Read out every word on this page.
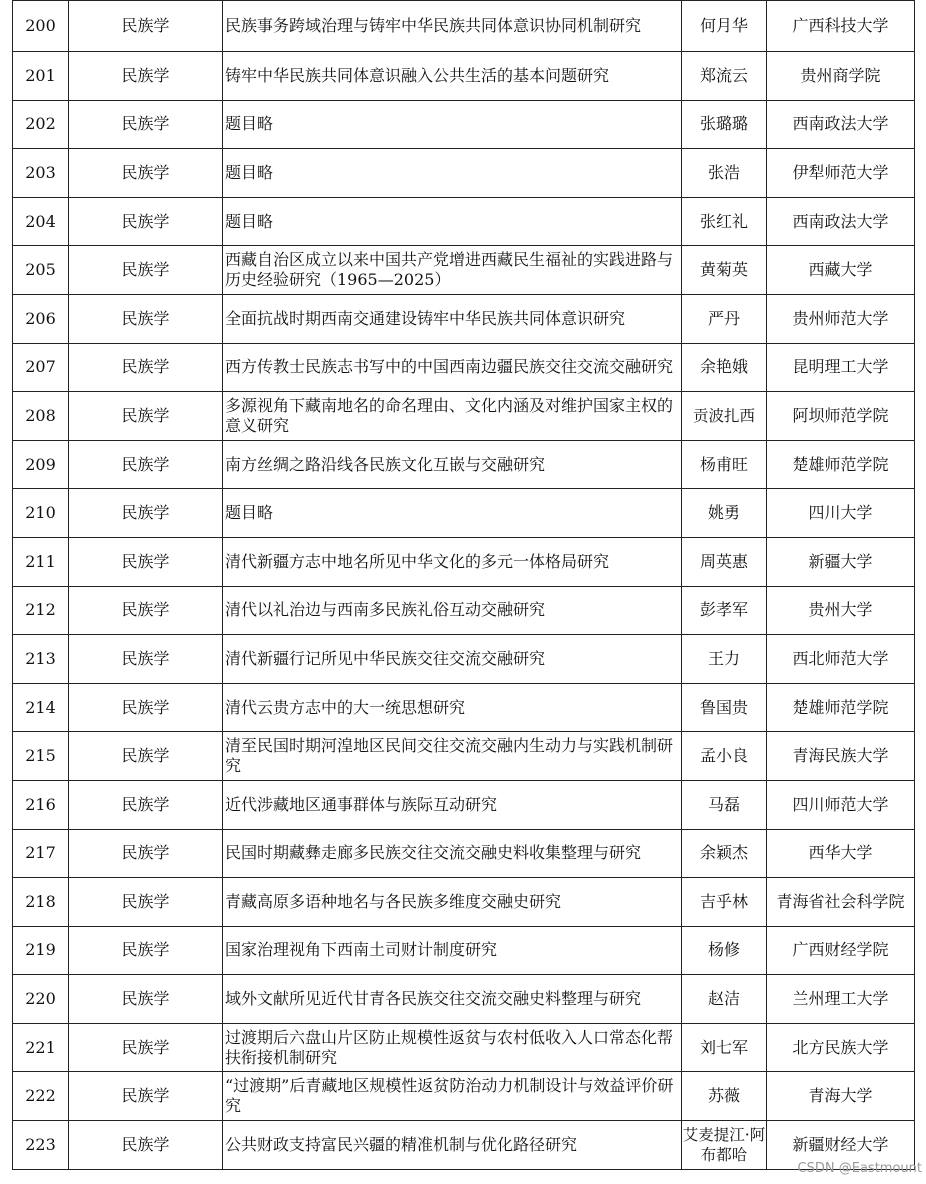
200	民族学	民族事务跨域治理与铸牢中华民族共同体意识协同机制研究	何月华	广西科技大学
201	民族学	铸牢中华民族共同体意识融入公共生活的基本问题研究	郑流云	贵州商学院
202	民族学	题目略	张璐璐	西南政法大学
203	民族学	题目略	张浩	伊犁师范大学
204	民族学	题目略	张红礼	西南政法大学
205	民族学	西藏自治区成立以来中国共产党增进西藏民生福祉的实践进路与历史经验研究（1965—2025）	黄菊英	西藏大学
206	民族学	全面抗战时期西南交通建设铸牢中华民族共同体意识研究	严丹	贵州师范大学
207	民族学	西方传教士民族志书写中的中国西南边疆民族交往交流交融研究	余艳娥	昆明理工大学
208	民族学	多源视角下藏南地名的命名理由、文化内涵及对维护国家主权的意义研究	贡波扎西	阿坝师范学院
209	民族学	南方丝绸之路沿线各民族文化互嵌与交融研究	杨甫旺	楚雄师范学院
210	民族学	题目略	姚勇	四川大学
211	民族学	清代新疆方志中地名所见中华文化的多元一体格局研究	周英惠	新疆大学
212	民族学	清代以礼治边与西南多民族礼俗互动交融研究	彭孝军	贵州大学
213	民族学	清代新疆行记所见中华民族交往交流交融研究	王力	西北师范大学
214	民族学	清代云贵方志中的大一统思想研究	鲁国贵	楚雄师范学院
215	民族学	清至民国时期河湟地区民间交往交流交融内生动力与实践机制研究	孟小良	青海民族大学
216	民族学	近代涉藏地区通事群体与族际互动研究	马磊	四川师范大学
217	民族学	民国时期藏彝走廊多民族交往交流交融史料收集整理与研究	余颖杰	西华大学
218	民族学	青藏高原多语种地名与各民族多维度交融史研究	吉乎林	青海省社会科学院
219	民族学	国家治理视角下西南土司财计制度研究	杨修	广西财经学院
220	民族学	域外文献所见近代甘青各民族交往交流交融史料整理与研究	赵洁	兰州理工大学
221	民族学	过渡期后六盘山片区防止规模性返贫与农村低收入人口常态化帮扶衔接机制研究	刘七军	北方民族大学
222	民族学	“过渡期”后青藏地区规模性返贫防治动力机制设计与效益评价研究	苏薇	青海大学
223	民族学	公共财政支持富民兴疆的精准机制与优化路径研究	艾麦提江·阿布都哈	新疆财经大学
CSDN @Eastmount
